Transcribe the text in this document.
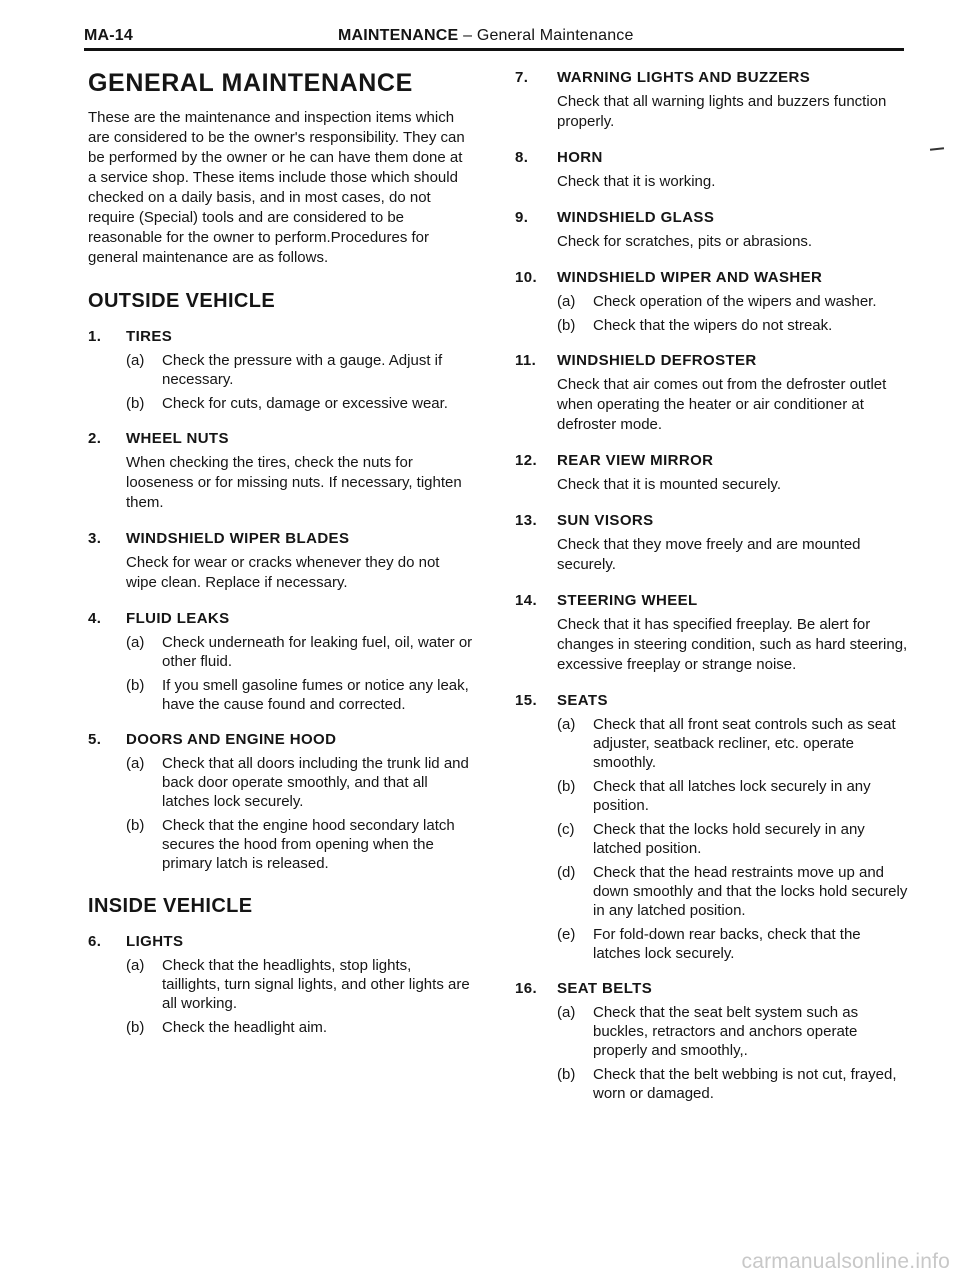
MA-14	MAINTENANCE – General Maintenance
GENERAL MAINTENANCE

These are the maintenance and inspection items which are considered to be the owner's responsibility. They can be performed by the owner or he can have them done at a service shop. These items include those which should checked on a daily basis, and in most cases, do not require (Special) tools and are considered to be reasonable for the owner to perform.Procedures for general maintenance are as follows.

OUTSIDE VEHICLE
1.	TIRES
(a)	Check the pressure with a gauge. Adjust if necessary.
(b)	Check for cuts, damage or excessive wear.
2.	WHEEL NUTS

When checking the tires, check the nuts for looseness or for missing nuts. If necessary, tighten them.

3.	WINDSHIELD WIPER BLADES

Check for wear or cracks whenever they do not wipe clean. Replace if necessary.

4.	FLUID LEAKS
(a)	Check underneath for leaking fuel, oil, water or other fluid.
(b)	If you smell gasoline fumes or notice any leak, have the cause found and corrected.
5.	DOORS AND ENGINE HOOD
(a)	Check that all doors including the trunk lid and back door operate smoothly, and that all latches lock securely.
(b)	Check that the engine hood secondary latch secures the hood from opening when the primary latch is released.
INSIDE VEHICLE
6.	LIGHTS
(a)	Check that the headlights, stop lights, taillights, turn signal lights, and other lights are all working.
(b)	Check the headlight aim.
7.	WARNING LIGHTS AND BUZZERS

Check that all warning lights and buzzers function properly.

8.	HORN

Check that it is working.

9.	WINDSHIELD GLASS

Check for scratches, pits or abrasions.

10.	WINDSHIELD WIPER AND WASHER
(a)	Check operation of the wipers and washer.
(b)	Check that the wipers do not streak.
11.	WINDSHIELD DEFROSTER

Check that air comes out from the defroster outlet when operating the heater or air conditioner at defroster mode.

12.	REAR VIEW MIRROR

Check that it is mounted securely.

13.	SUN VISORS

Check that they move freely and are mounted securely.

14.	STEERING WHEEL

Check that it has specified freeplay. Be alert for changes in steering condition, such as hard steering, excessive freeplay or strange noise.

15.	SEATS
(a)	Check that all front seat controls such as seat adjuster, seatback recliner, etc. operate smoothly.
(b)	Check that all latches lock securely in any position.
(c)	Check that the locks hold securely in any latched position.
(d)	Check that the head restraints move up and down smoothly and that the locks hold securely in any latched position.
(e)	For fold-down rear backs, check that the latches lock securely.
16.	SEAT BELTS
(a)	Check that the seat belt system such as buckles, retractors and anchors operate properly and smoothly,.
(b)	Check that the belt webbing is not cut, frayed, worn or damaged.
carmanualsonline.info
